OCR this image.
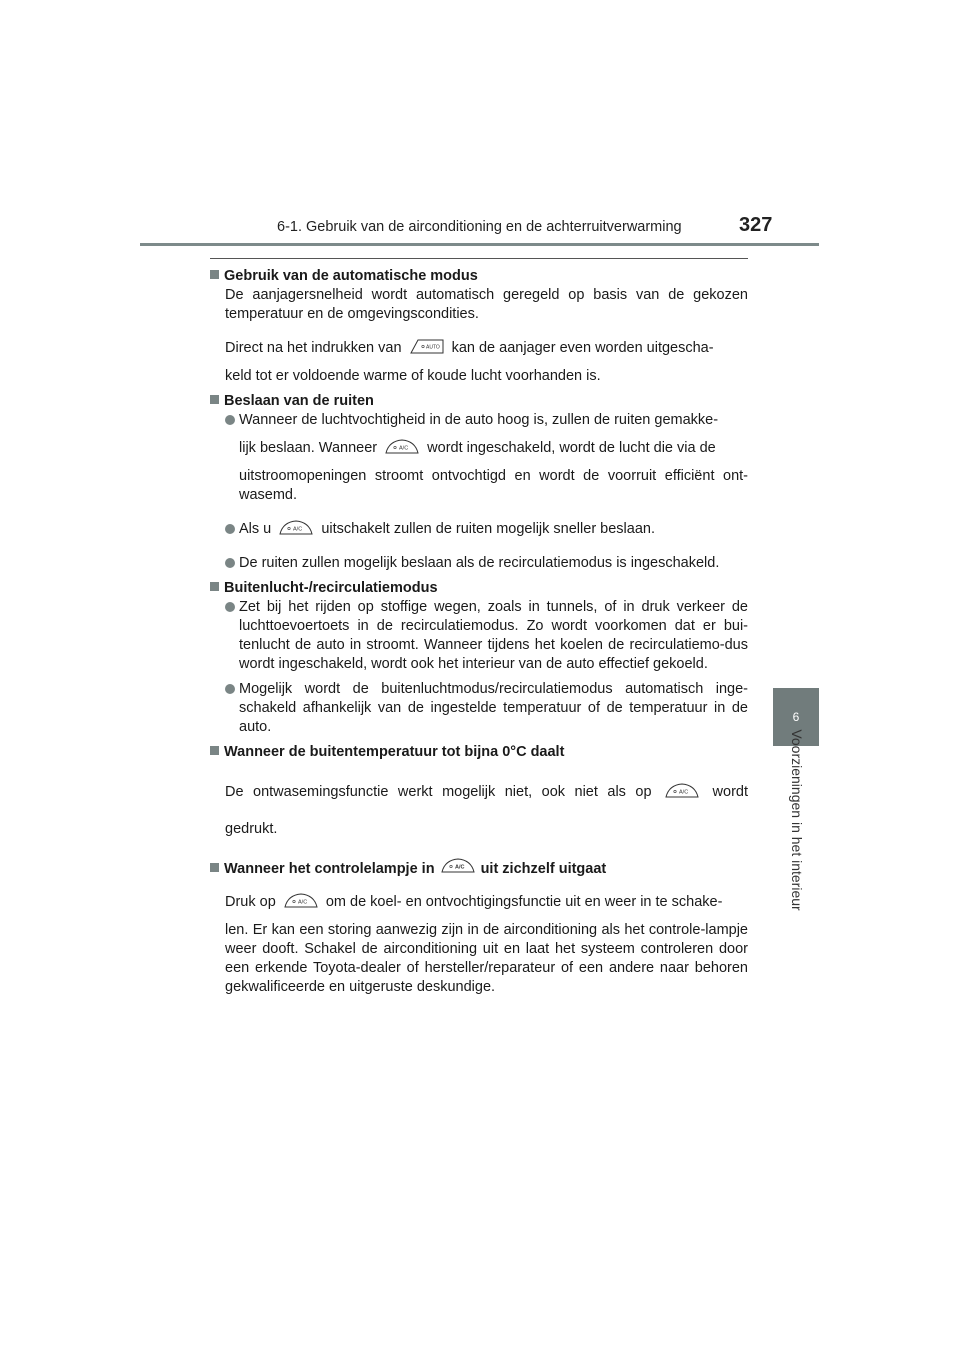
6-1. Gebruik van de airconditioning en de achterruitverwarming	327
6
Voorzieningen in het interieur
Gebruik van de automatische modus

De aanjagersnelheid wordt automatisch geregeld op basis van de gekozen temperatuur en de omgevingscondities.

Direct na het indrukken van	AUTO kan de aanjager even worden uitgescha-
keld tot er voldoende warme of koude lucht voorhanden is.
Beslaan van de ruiten
Wanneer de luchtvochtigheid in de auto hoog is, zullen de ruiten gemakke-
lijk beslaan. Wanneer	A/C wordt ingeschakeld, wordt de lucht die via de
uitstroomopeningen stroomt ontvochtigd en wordt de voorruit efficiënt ont-wasemd.
Als u	A/C uitschakelt zullen de ruiten mogelijk sneller beslaan.
De ruiten zullen mogelijk beslaan als de recirculatiemodus is ingeschakeld.
Buitenlucht-/recirculatiemodus
Zet bij het rijden op stoffige wegen, zoals in tunnels, of in druk verkeer de luchttoevoertoets in de recirculatiemodus. Zo wordt voorkomen dat er bui-tenlucht de auto in stroomt. Wanneer tijdens het koelen de recirculatiemo-dus wordt ingeschakeld, wordt ook het interieur van de auto effectief gekoeld.
Mogelijk wordt de buitenluchtmodus/recirculatiemodus automatisch inge-schakeld afhankelijk van de ingestelde temperatuur of de temperatuur in de auto.
Wanneer de buitentemperatuur tot bijna 0°C daalt
De ontwasemingsfunctie werkt mogelijk niet, ook niet als op	A/C wordt
gedrukt.
Wanneer het controlelampje in	A/C uit zichzelf uitgaat
Druk op	A/C om de koel- en ontvochtigingsfunctie uit en weer in te schake-
len. Er kan een storing aanwezig zijn in de airconditioning als het controle-lampje weer dooft. Schakel de airconditioning uit en laat het systeem controleren door een erkende Toyota-dealer of hersteller/reparateur of een andere naar behoren gekwalificeerde en uitgeruste deskundige.
